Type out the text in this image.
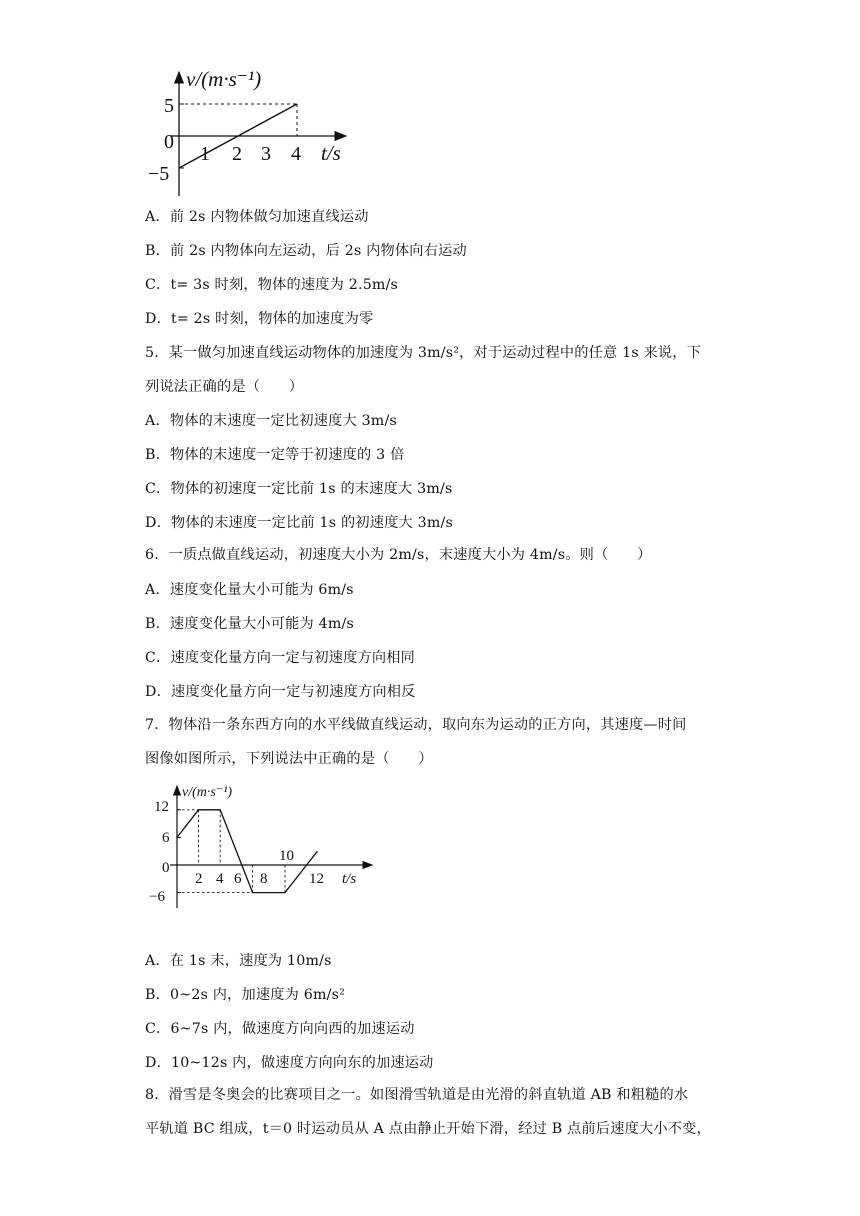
v/(m·s⁻¹)
5
0
−5
1 2 3 4 t/s
A．前 2s 内物体做匀加速直线运动
B．前 2s 内物体向左运动，后 2s 内物体向右运动
C．t= 3s 时刻，物体的速度为 2.5m/s
D．t= 2s 时刻，物体的加速度为零
5．某一做匀加速直线运动物体的加速度为 3m/s²，对于运动过程中的任意 1s 来说，下
列说法正确的是（　　）
A．物体的末速度一定比初速度大 3m/s
B．物体的末速度一定等于初速度的 3 倍
C．物体的初速度一定比前 1s 的末速度大 3m/s
D．物体的末速度一定比前 1s 的初速度大 3m/s
6．一质点做直线运动，初速度大小为 2m/s，末速度大小为 4m/s。则（　　）
A．速度变化量大小可能为 6m/s
B．速度变化量大小可能为 4m/s
C．速度变化量方向一定与初速度方向相同
D．速度变化量方向一定与初速度方向相反
7．物体沿一条东西方向的水平线做直线运动，取向东为运动的正方向，其速度—时间
图像如图所示，下列说法中正确的是（　　）
v/(m·s⁻¹)
12
6
0
−6
2 4 6 8
10
12 t/s
A．在 1s 末，速度为 10m/s
B．0~2s 内，加速度为 6m/s²
C．6~7s 内，做速度方向向西的加速运动
D．10~12s 内，做速度方向向东的加速运动
8．滑雪是冬奥会的比赛项目之一。如图滑雪轨道是由光滑的斜直轨道 AB 和粗糙的水
平轨道 BC 组成，t＝0 时运动员从 A 点由静止开始下滑，经过 B 点前后速度大小不变，
